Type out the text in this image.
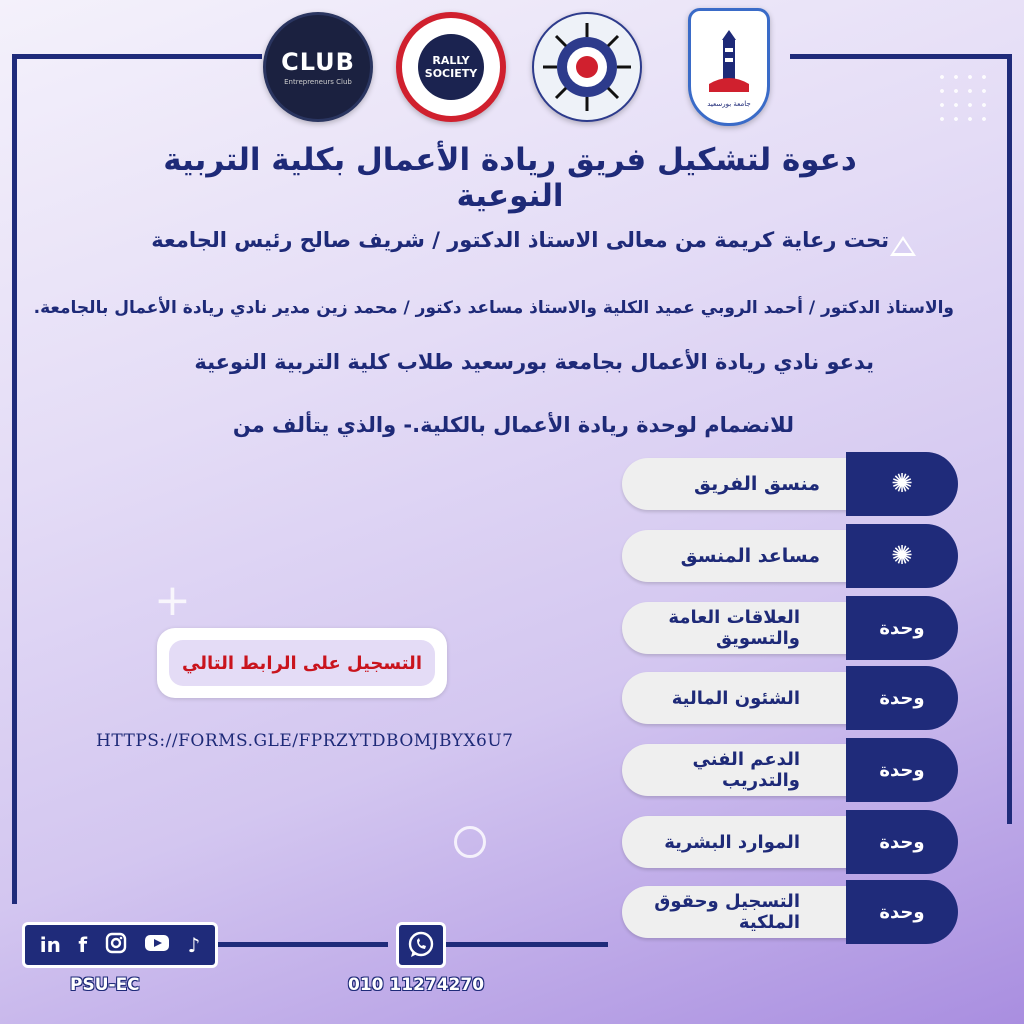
+
CLUB
Entrepreneurs Club
RALLY SOCIETY
جامعة بورسعيد
دعوة لتشكيل فريق ريادة الأعمال بكلية التربية النوعية
تحت رعاية كريمة من معالى الاستاذ الدكتور / شريف صالح رئيس الجامعة
والاستاذ الدكتور / أحمد الروبي عميد الكلية والاستاذ مساعد دكتور / محمد زين مدير نادي ريادة الأعمال بالجامعة.
يدعو نادي ريادة الأعمال بجامعة بورسعيد طلاب كلية التربية النوعية
للانضمام لوحدة ريادة الأعمال بالكلية.- والذي يتألف من
منسق الفريق	✺
مساعد المنسق	✺
العلاقات العامة والتسويق	وحدة
الشئون المالية	وحدة
الدعم الفني والتدريب	وحدة
الموارد البشرية	وحدة
التسجيل وحقوق الملكية	وحدة
التسجيل على الرابط التالي
HTTPS://FORMS.GLE/FPRZYTDBOMJBYX6U7
in f	♪
PSU-EC	010 11274270
